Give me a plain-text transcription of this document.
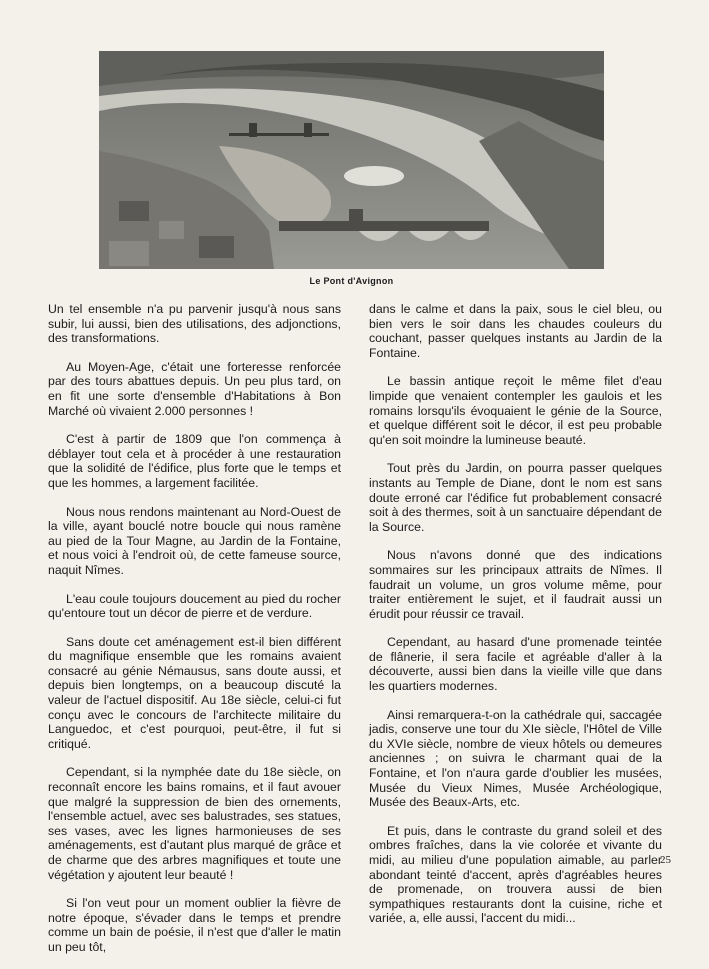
Le Pont d'Avignon

Un tel ensemble n'a pu parvenir jusqu'à nous sans subir, lui aussi, bien des utilisations, des adjonctions, des transformations.

Au Moyen-Age, c'était une forteresse renforcée par des tours abattues depuis. Un peu plus tard, on en fit une sorte d'ensemble d'Habitations à Bon Marché où vivaient 2.000 personnes !

C'est à partir de 1809 que l'on commença à déblayer tout cela et à procéder à une restauration que la solidité de l'édifice, plus forte que le temps et que les hommes, a largement facilitée.

Nous nous rendons maintenant au Nord-Ouest de la ville, ayant bouclé notre boucle qui nous ramène au pied de la Tour Magne, au Jardin de la Fontaine, et nous voici à l'endroit où, de cette fameuse source, naquit Nîmes.

L'eau coule toujours doucement au pied du rocher qu'entoure tout un décor de pierre et de verdure.

Sans doute cet aménagement est-il bien différent du magnifique ensemble que les romains avaient consacré au génie Némausus, sans doute aussi, et depuis bien longtemps, on a beaucoup discuté la valeur de l'actuel dispositif. Au 18e siècle, celui-ci fut conçu avec le concours de l'architecte militaire du Languedoc, et c'est pourquoi, peut-être, il fut si critiqué.

Cependant, si la nymphée date du 18e siècle, on reconnaît encore les bains romains, et il faut avouer que malgré la suppression de bien des ornements, l'ensemble actuel, avec ses balustrades, ses statues, ses vases, avec les lignes harmonieuses de ses aménagements, est d'autant plus marqué de grâce et de charme que des arbres magnifiques et toute une végétation y ajoutent leur beauté !

Si l'on veut pour un moment oublier la fièvre de notre époque, s'évader dans le temps et prendre comme un bain de poésie, il n'est que d'aller le matin un peu tôt,

dans le calme et dans la paix, sous le ciel bleu, ou bien vers le soir dans les chaudes couleurs du couchant, passer quelques instants au Jardin de la Fontaine.

Le bassin antique reçoit le même filet d'eau limpide que venaient contempler les gaulois et les romains lorsqu'ils évoquaient le génie de la Source, et quelque différent soit le décor, il est peu probable qu'en soit moindre la lumineuse beauté.

Tout près du Jardin, on pourra passer quelques instants au Temple de Diane, dont le nom est sans doute erroné car l'édifice fut probablement consacré soit à des thermes, soit à un sanctuaire dépendant de la Source.

Nous n'avons donné que des indications sommaires sur les principaux attraits de Nîmes. Il faudrait un volume, un gros volume même, pour traiter entièrement le sujet, et il faudrait aussi un érudit pour réussir ce travail.

Cependant, au hasard d'une promenade teintée de flânerie, il sera facile et agréable d'aller à la découverte, aussi bien dans la vieille ville que dans les quartiers modernes.

Ainsi remarquera-t-on la cathédrale qui, saccagée jadis, conserve une tour du XIe siècle, l'Hôtel de Ville du XVIe siècle, nombre de vieux hôtels ou demeures anciennes ; on suivra le charmant quai de la Fontaine, et l'on n'aura garde d'oublier les musées, Musée du Vieux Nimes, Musée Archéologique, Musée des Beaux-Arts, etc.

Et puis, dans le contraste du grand soleil et des ombres fraîches, dans la vie colorée et vivante du midi, au milieu d'une population aimable, au parler abondant teinté d'accent, après d'agréables heures de promenade, on trouvera aussi de bien sympathiques restaurants dont la cuisine, riche et variée, a, elle aussi, l'accent du midi...

25
